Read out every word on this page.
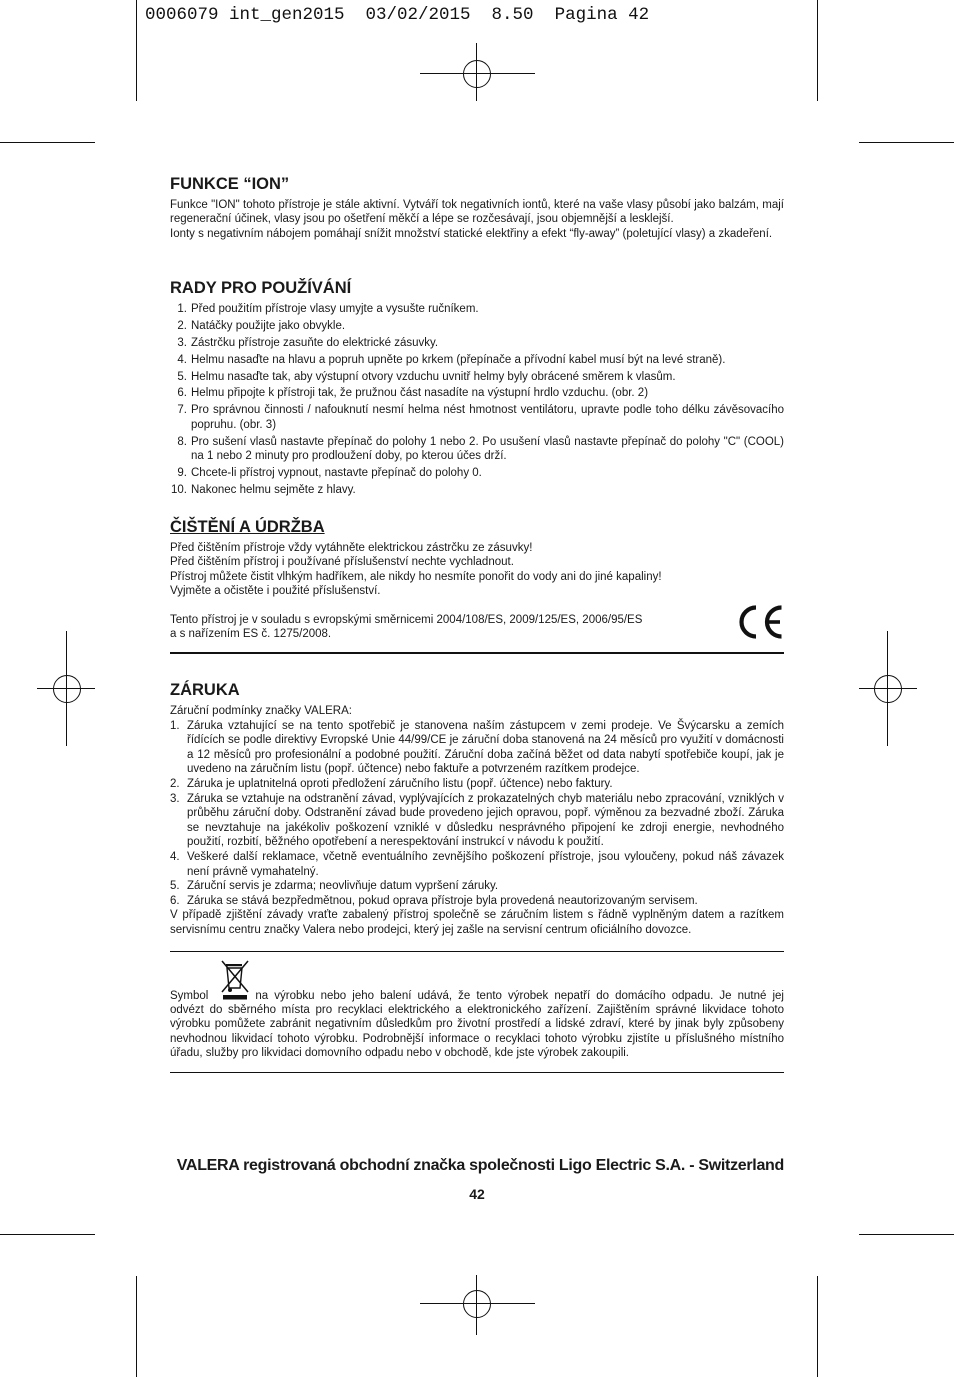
0006079 int_gen2015  03/02/2015  8.50  Pagina 42
FUNKCE “ION”

Funkce "ION" tohoto přístroje je stále aktivní. Vytváří tok negativních iontů, které na vaše vlasy působí jako balzám, mají regenerační účinek, vlasy jsou po ošetření měkčí a lépe se rozčesávají, jsou objemnější a lesklejší.

Ionty s negativním nábojem pomáhají snížit množství statické elektřiny a efekt “fly-away” (poletující vlasy) a zkadeření.

RADY PRO POUŽÍVÁNÍ
1. Před použitím přístroje vlasy umyjte a vysušte ručníkem.
2. Natáčky použijte jako obvykle.
3. Zástrčku přístroje zasuňte do elektrické zásuvky.
4. Helmu nasaďte na hlavu a popruh upněte po krkem (přepínače a přívodní kabel musí být na levé straně).
5. Helmu nasaďte tak, aby výstupní otvory vzduchu uvnitř helmy byly obrácené směrem k vlasům.
6. Helmu připojte k přístroji tak, že pružnou část nasadíte na výstupní hrdlo vzduchu. (obr. 2)
7. Pro správnou činnosti / nafouknutí nesmí helma nést hmotnost ventilátoru, upravte podle toho délku závěsovacího popruhu. (obr. 3)
8. Pro sušení vlasů nastavte přepínač do polohy 1 nebo 2. Po usušení vlasů nastavte přepínač do polohy "C" (COOL) na 1 nebo 2 minuty pro prodloužení doby, po kterou účes drží.
9. Chcete-li přístroj vypnout, nastavte přepínač do polohy 0.
10. Nakonec helmu sejměte z hlavy.
ČIŠTĚNÍ A ÚDRŽBA

Před čištěním přístroje vždy vytáhněte elektrickou zástrčku ze zásuvky!

Před čištěním přístroj i používané příslušenství nechte vychladnout.

Přístroj můžete čistit vlhkým hadříkem, ale nikdy ho nesmíte ponořit do vody ani do jiné kapaliny!

Vyjměte a očistěte i použité příslušenství.

Tento přístroj je v souladu s evropskými směrnicemi 2004/108/ES, 2009/125/ES, 2006/95/ES

a s nařízením ES č. 1275/2008.

ZÁRUKA

Záruční podmínky značky VALERA:

1. Záruka vztahující se na tento spotřebič je stanovena naším zástupcem v zemi prodeje. Ve Švýcarsku a zemích řídících se podle direktivy Evropské Unie 44/99/CE je záruční doba stanovená na 24 měsíců pro využití v domácnosti a 12 měsíců pro profesionální a podobné použití. Záruční doba začíná běžet od data nabytí spotřebiče koupí, jak je uvedeno na záručním listu (popř. účtence) nebo faktuře a potvrzeném razítkem prodejce.
2. Záruka je uplatnitelná oproti předložení záručního listu (popř. účtence) nebo faktury.
3. Záruka se vztahuje na odstranění závad, vyplývajících z prokazatelných chyb materiálu nebo zpracování, vzniklých v průběhu záruční doby. Odstranění závad bude provedeno jejich opravou, popř. výměnou za bezvadné zboží. Záruka se nevztahuje na jakékoliv poškození vzniklé v důsledku nesprávného připojení ke zdroji energie, nevhodného použití, rozbití, běžného opotřebení a nerespektování instrukcí v návodu k použití.
4. Veškeré další reklamace, včetně eventuálního zevnějšího poškození přístroje, jsou vyloučeny, pokud náš závazek není právně vymahatelný.
5. Záruční servis je zdarma; neovlivňuje datum vypršení záruky.
6. Záruka se stává bezpředmětnou, pokud oprava přístroje byla provedená neautorizovaným servisem.

V případě zjištění závady vraťte zabalený přístroj společně se záručním listem s řádně vyplněným datem a razítkem servisnímu centru značky Valera nebo prodejci, který jej zašle na servisní centrum oficiálního dovozce.

Symbol	na výrobku nebo jeho balení udává, že tento výrobek nepatří do domácího odpadu. Je nutné jej

odvézt do sběrného místa pro recyklaci elektrického a elektronického zařízení. Zajištěním správné likvidace tohoto výrobku pomůžete zabránit negativním důsledkům pro životní prostředí a lidské zdraví, které by jinak byly způsobeny nevhodnou likvidací tohoto výrobku. Podrobnější informace o recyklaci tohoto výrobku zjistíte u příslušného místního úřadu, služby pro likvidaci domovního odpadu nebo v obchodě, kde jste výrobek zakoupili.

VALERA registrovaná obchodní značka společnosti Ligo Electric S.A. - Switzerland
42
